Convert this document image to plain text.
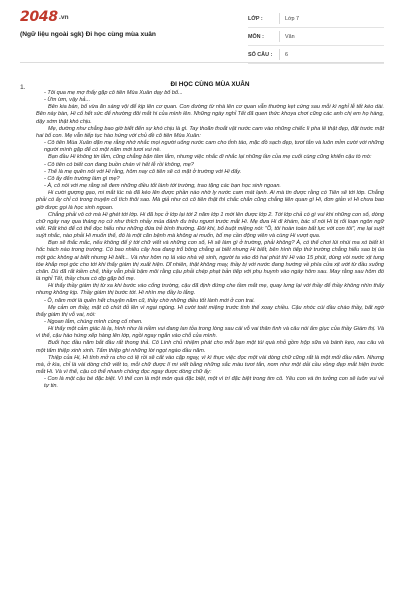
2048.vn
(Ngữ liệu ngoài sgk) Đi học cùng mùa xuân
LỚP :	Lớp 7
MÔN :	Văn
SỐ CÂU :	6
1.	ĐI HỌC CÙNG MÙA XUÂN

- Tôi qua mẹ mợ thấy gặp cô tiên Mùa Xuân dạy bố bố...

- Ừm ừm, vậy hả...

Bên kia bàn, bố vừa ăn sáng vội để kịp lên cơ quan. Con đường từ nhà lên cơ quan vẫn thường kẹt cứng sau mỗi kì nghỉ lễ tết kéo dài. Bên này bàn, Hi cố hết sức để nhường đôi mắt hi của mình lên. Những ngày nghỉ Tết đã quen thức khoya chơi cũng các anh chị em họ hàng, dậy sớm thật khó chịu.

Mẹ, dường như chẳng bao giờ biết đến sự khó chịu là gì. Tay thoăn thoắt vật nước cam vào những chiếc lì pha lê thật đẹp, đặt trước mặt hai bố con. Mẹ vẫn tiếp tục hào hứng với chủ đề cô tiên Mùa Xuân:

- Cô tiên Mùa Xuân dặn mẹ rằng nhớ nhắc mọi người uống nước cam cho tỉnh táo, mặc đồ sạch đẹp, tươi tắn và luôn mỉm cười với những người mình gặp để có một năm mới tươi vui nè.

Bạn đầu Hi không tin lắm, cũng chẳng bận tâm lắm, nhưng việc nhắc đi nhắc lại những lần của mẹ cuối cùng cũng khiến cậu tò mò:

- Cô tiên có biết con đang buồn chán vì hết lễ rồi không, mẹ?

- Thế là mẹ quên nói với Hi rằng, hôm nay cô tiên sẽ có mặt ở trường với Hi đấy.

- Cô ấy đến trường làm gì mẹ?

- À, cô nói với mẹ rằng sẽ đem những điều tốt lành tới trường, trao tặng các bạn học sinh ngoan.

Hi cười gượng gạo, mi mắt lúc nà đã kéo lên được phần nào nhờ ly nước cam mát lạnh. Ai mà tin được rằng có Tiên sẽ tới lớp. Chẳng phải có ấy chỉ có trong truyện cổ tích thôi sao. Mà giả như có cô tiên thật thì chắc chắn cũng chẳng liên quan gì Hi, đơn giản vì Hi chưa bao giờ được gọi là học sinh ngoan.

Chẳng phải vô cớ mà Hi ghét tới lớp. Hi đã học ở lớp lại tới 2 năm lớp 1 mới lên được lớp 2. Tới lớp chả có gì vui khi những con số, dòng chữ ngày nay qua tháng nọ cứ như thích nhảy múa đánh đu trêu ngươi trước mắt Hi. Mẹ đưa Hi đi khám, bác sĩ nói Hi bị rối loạn ngôn ngữ viết. Rất khó để có thể đọc hiểu như những đứa trẻ bình thường. Đôi khi, bố buột miệng nói: "Ồ, tôi hoàn toàn bất lực với con tôi", mẹ lại suýt suýt nhắc, nào phải Hi muốn thế, đó là một căn bệnh mà không ai muốn, bố mẹ cần động viên và cùng Hi vượt qua.

Bạn sẽ thắc mắc, nếu không để ý tới chữ viết và những con số, Hi sẽ làm gì ở trường, phải không? À, có thể chơi lúi nhúi ma xó biết kì hốc hách nào trong trường. Có bao nhiêu cây hoa đang trổ bông chẳng ai biết nhưng Hi biết, bên hình tiếp thứ trường chẳng hiểu sao bị úa một góc không ai biết nhưng Hi biết... Và như hôm nọ lá vào nhà vệ sinh, người ta vào đó hai phút thì Hi vào 15 phút, dùng vòi nước xịt tung tóe khắp mọi góc cho tới khi thấy giám thị xuất hiện. Dĩ nhiên, thật không may, thầy bị với nước đang hướng về phía cửa xịt ướt từ đầu xuống chân. Dù đã rất kiềm chế, thầy vẫn phải bậm môi rằng cậu phải chép phạt bản tiếp với phụ huynh vào ngày hôm sau. May rằng sau hôm đó là nghỉ Tết, thầy chưa có dịp gặp bố mẹ.

Hi thấy thầy giám thị từ xa khi bước vào cổng trường, cậu đã định đứng che tầm mắt mẹ, quay lưng lại với thầy để thầy không nhìn thấy nhưng không kịp. Thầy giám thị bước tới. Hi nhìn mẹ đầy lo lắng.

- Ồ, năm mới là quên hết chuyện năm cũ, thầy chờ những điều tốt lành mới ở con trai.

Mẹ cảm ơn thầy, mặt cô chút đỏ lên vì ngại ngùng. Hi cười toét miệng trước tình thế xoay chiều. Cậu nhóc cúi đầu chào thầy, bất ngờ thấy giám thị vỗ vai, nói:

- Ngoan lắm, chúng mình cùng cố nhen.

Hi thấy một cảm giác là lạ, hình như là niềm vui đang lan tỏa trong lòng sau cái vỗ vai thân tình và câu nói ấm giục của thầy Giám thị. Và vì thế, cậu hào hứng xếp hàng lên lớp, ngồi ngay ngắn vào chỗ của mình.

Buổi học đầu năm bắt đầu rất thong thả. Cô Linh chủ nhiệm phát cho mỗi bạn một túi quà nhỏ gồm hộp sữa và bánh kẹo, rau câu và một tấm thiệp xinh xinh. Tấm thiệp ghi những lời ngọt ngào đầu năm.

Thiệp của Hi, Hi tính mở ra cho có lệ rồi sẽ cất vào cặp ngay, vì kì thực việc đọc một vài dòng chữ cũng rất là một mối đầu năm. Nhưng mà, ở kìa, chỉ là vài dòng chữ viết to, mỗi chữ được lí mi viết bằng những sắc màu tươi tắn, nom như một dải cầu vồng đẹp mắt hiện trước mắt Hi. Và vì thế, cậu có thể nhanh chóng đọc ngay được dòng chữ ấy:

- Con là một cậu bé đặc biệt. Vì thế con là một món quà đặc biệt, một vì trí đặc biệt trong tim cô. Yêu con và tin tưởng con sẽ luôn vui vẻ tự tin.
